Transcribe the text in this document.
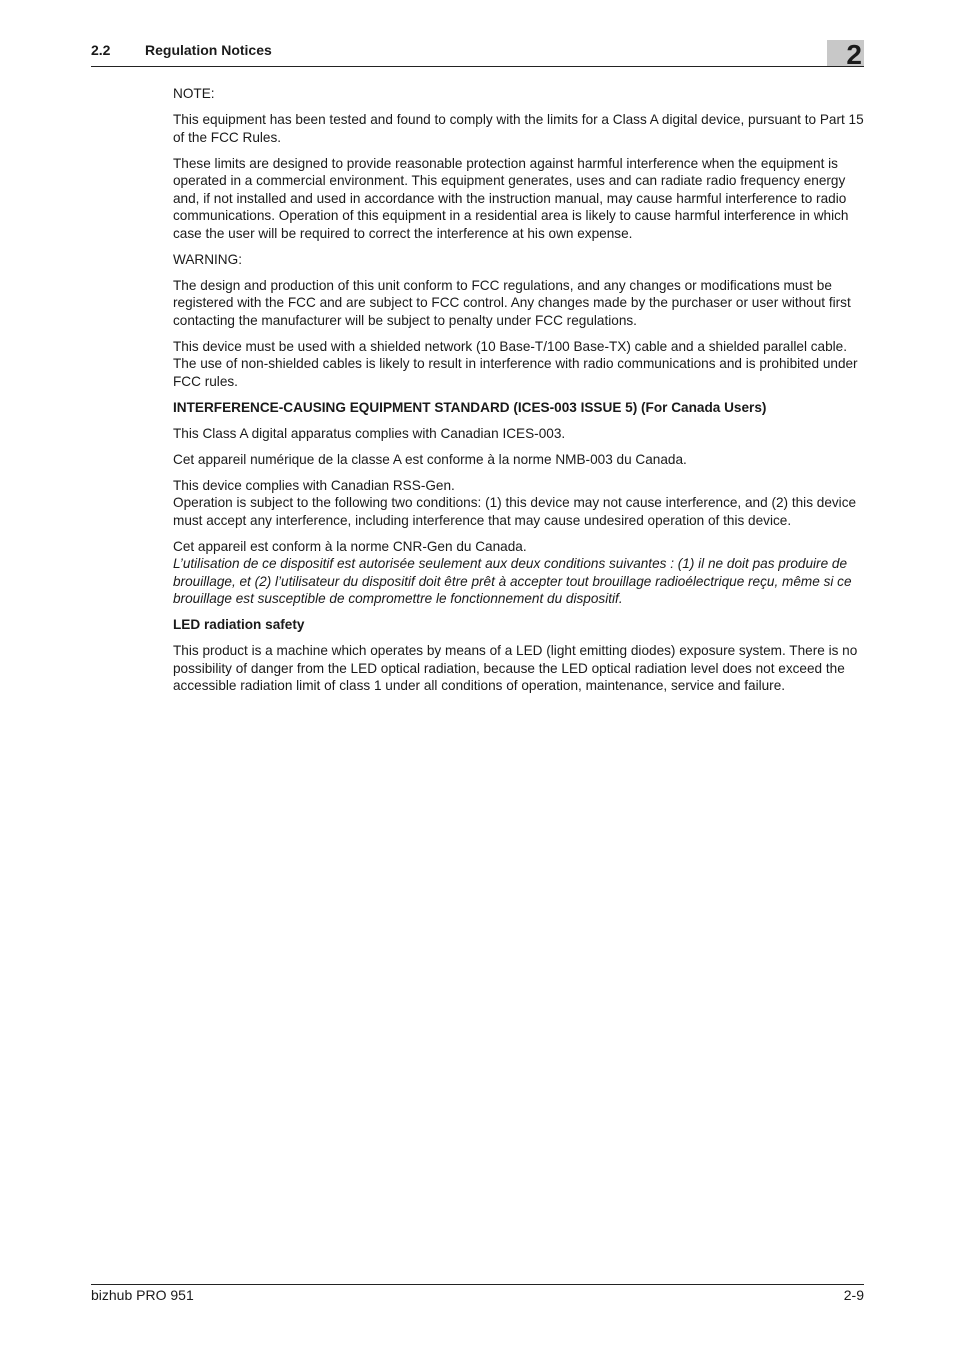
2.2 Regulation Notices	2

NOTE:

This equipment has been tested and found to comply with the limits for a Class A digital device, pursuant to Part 15 of the FCC Rules.

These limits are designed to provide reasonable protection against harmful interference when the equipment is operated in a commercial environment. This equipment generates, uses and can radiate radio frequency energy and, if not installed and used in accordance with the instruction manual, may cause harmful interference to radio communications. Operation of this equipment in a residential area is likely to cause harmful interference in which case the user will be required to correct the interference at his own expense.

WARNING:

The design and production of this unit conform to FCC regulations, and any changes or modifications must be registered with the FCC and are subject to FCC control. Any changes made by the purchaser or user without first contacting the manufacturer will be subject to penalty under FCC regulations.

This device must be used with a shielded network (10 Base-T/100 Base-TX) cable and a shielded parallel cable. The use of non-shielded cables is likely to result in interference with radio communications and is prohibited under FCC rules.

INTERFERENCE-CAUSING EQUIPMENT STANDARD (ICES-003 ISSUE 5) (For Canada Users)

This Class A digital apparatus complies with Canadian ICES-003.

Cet appareil numérique de la classe A est conforme à la norme NMB-003 du Canada.

This device complies with Canadian RSS-Gen.
Operation is subject to the following two conditions: (1) this device may not cause interference, and (2) this device must accept any interference, including interference that may cause undesired operation of this device.

Cet appareil est conform à la norme CNR-Gen du Canada.
L’utilisation de ce dispositif est autorisée seulement aux deux conditions suivantes : (1) il ne doit pas produire de brouillage, et (2) l’utilisateur du dispositif doit être prêt à accepter tout brouillage radioélectrique reçu, même si ce brouillage est susceptible de compromettre le fonctionnement du dispositif.

LED radiation safety

This product is a machine which operates by means of a LED (light emitting diodes) exposure system. There is no possibility of danger from the LED optical radiation, because the LED optical radiation level does not exceed the accessible radiation limit of class 1 under all conditions of operation, maintenance, service and failure.

bizhub PRO 951	2-9
